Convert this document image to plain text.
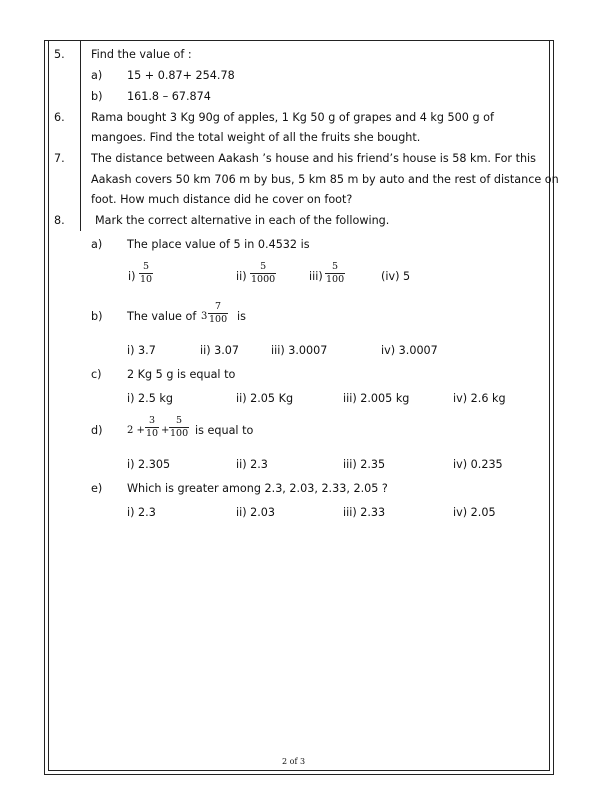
5. Find the value of :
a) 15 + 0.87+ 254.78
b) 161.8 – 67.874
6. Rama bought 3 Kg 90g of apples, 1 Kg 50 g of grapes and 4 kg 500 g of
mangoes. Find the total weight of all the fruits she bought.
7. The distance between Aakash ’s house and his friend’s house is 58 km. For this
Aakash covers 50 km 706 m by bus, 5 km 85 m by auto and the rest of distance on
foot. How much distance did he cover on foot?
8.	Mark the correct alternative in each of the following.
a) The place value of 5 in 0.4532 is
$i) \frac{5}{10}$	$ii) \frac{5}{1000}$	$iii) \frac{5}{100}$	(iv) 5
b) The value of $3 \frac{7}{100}$ is
i) 3.7	ii) 3.07	iii) 3.0007	iv) 3.0007
c) 2 Kg 5 g is equal to
i) 2.5 kg	ii) 2.05 Kg	iii) 2.005 kg	iv) 2.6 kg
d) $2 + \frac{3}{10} + \frac{5}{100}$ is equal to
i) 2.305	ii) 2.3	iii) 2.35	iv) 0.235
e) Which is greater among 2.3, 2.03, 2.33, 2.05 ?
i) 2.3	ii) 2.03	iii) 2.33	iv) 2.05
2 of 3
